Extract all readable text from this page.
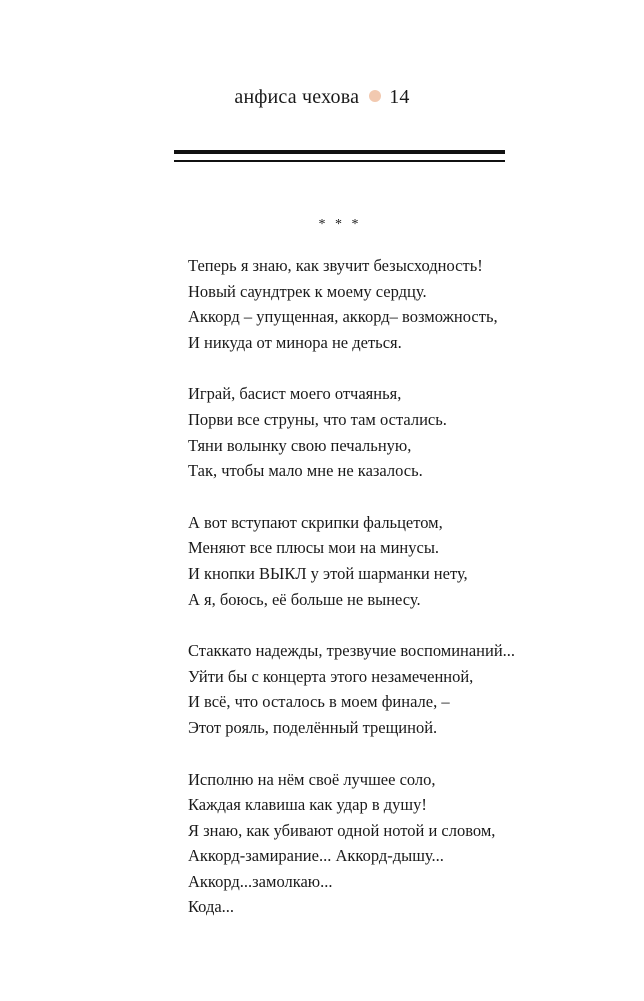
анфиса чехова 14
* * *
Теперь я знаю, как звучит безысходность!
Новый саундтрек к моему сердцу.
Аккорд – упущенная, аккорд– возможность,
И никуда от минора не деться.
Играй, басист моего отчаянья,
Порви все струны, что там остались.
Тяни волынку свою печальную,
Так, чтобы мало мне не казалось.
А вот вступают скрипки фальцетом,
Меняют все плюсы мои на минусы.
И кнопки ВЫКЛ у этой шарманки нету,
А я, боюсь, её больше не вынесу.
Стаккато надежды, трезвучие воспоминаний...
Уйти бы с концерта этого незамеченной,
И всё, что осталось в моем финале, –
Этот рояль, поделённый трещиной.
Исполню на нём своё лучшее соло,
Каждая клавиша как удар в душу!
Я знаю, как убивают одной нотой и словом,
Аккорд-замирание... Аккорд-дышу...
Аккорд...замолкаю...
Кода...
